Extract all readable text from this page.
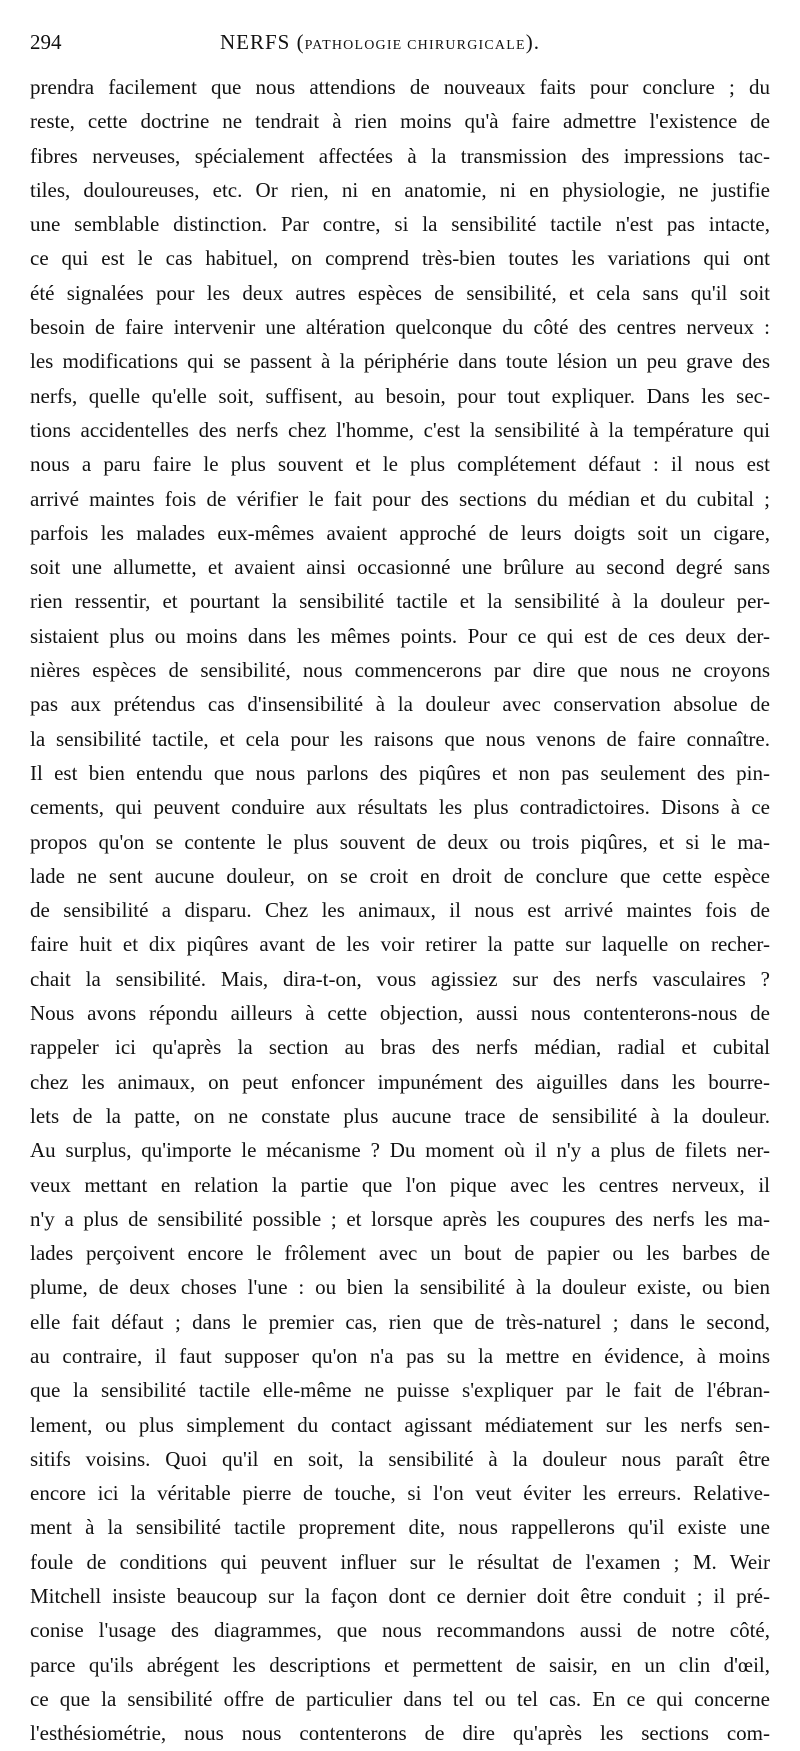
294	NERFS (PATHOLOGIE CHIRURGICALE).
prendra facilement que nous attendions de nouveaux faits pour conclure ; du
reste, cette doctrine ne tendrait à rien moins qu'à faire admettre l'existence de
fibres nerveuses, spécialement affectées à la transmission des impressions tac-
tiles, douloureuses, etc. Or rien, ni en anatomie, ni en physiologie, ne justifie
une semblable distinction. Par contre, si la sensibilité tactile n'est pas intacte,
ce qui est le cas habituel, on comprend très-bien toutes les variations qui ont
été signalées pour les deux autres espèces de sensibilité, et cela sans qu'il soit
besoin de faire intervenir une altération quelconque du côté des centres nerveux :
les modifications qui se passent à la périphérie dans toute lésion un peu grave des
nerfs, quelle qu'elle soit, suffisent, au besoin, pour tout expliquer. Dans les sec-
tions accidentelles des nerfs chez l'homme, c'est la sensibilité à la température qui
nous a paru faire le plus souvent et le plus complétement défaut : il nous est
arrivé maintes fois de vérifier le fait pour des sections du médian et du cubital ;
parfois les malades eux-mêmes avaient approché de leurs doigts soit un cigare,
soit une allumette, et avaient ainsi occasionné une brûlure au second degré sans
rien ressentir, et pourtant la sensibilité tactile et la sensibilité à la douleur per-
sistaient plus ou moins dans les mêmes points. Pour ce qui est de ces deux der-
nières espèces de sensibilité, nous commencerons par dire que nous ne croyons
pas aux prétendus cas d'insensibilité à la douleur avec conservation absolue de
la sensibilité tactile, et cela pour les raisons que nous venons de faire connaître.
Il est bien entendu que nous parlons des piqûres et non pas seulement des pin-
cements, qui peuvent conduire aux résultats les plus contradictoires. Disons à ce
propos qu'on se contente le plus souvent de deux ou trois piqûres, et si le ma-
lade ne sent aucune douleur, on se croit en droit de conclure que cette espèce
de sensibilité a disparu. Chez les animaux, il nous est arrivé maintes fois de
faire huit et dix piqûres avant de les voir retirer la patte sur laquelle on recher-
chait la sensibilité. Mais, dira-t-on, vous agissiez sur des nerfs vasculaires ?
Nous avons répondu ailleurs à cette objection, aussi nous contenterons-nous de
rappeler ici qu'après la section au bras des nerfs médian, radial et cubital
chez les animaux, on peut enfoncer impunément des aiguilles dans les bourre-
lets de la patte, on ne constate plus aucune trace de sensibilité à la douleur.
Au surplus, qu'importe le mécanisme ? Du moment où il n'y a plus de filets ner-
veux mettant en relation la partie que l'on pique avec les centres nerveux, il
n'y a plus de sensibilité possible ; et lorsque après les coupures des nerfs les ma-
lades perçoivent encore le frôlement avec un bout de papier ou les barbes de
plume, de deux choses l'une : ou bien la sensibilité à la douleur existe, ou bien
elle fait défaut ; dans le premier cas, rien que de très-naturel ; dans le second,
au contraire, il faut supposer qu'on n'a pas su la mettre en évidence, à moins
que la sensibilité tactile elle-même ne puisse s'expliquer par le fait de l'ébran-
lement, ou plus simplement du contact agissant médiatement sur les nerfs sen-
sitifs voisins. Quoi qu'il en soit, la sensibilité à la douleur nous paraît être
encore ici la véritable pierre de touche, si l'on veut éviter les erreurs. Relative-
ment à la sensibilité tactile proprement dite, nous rappellerons qu'il existe une
foule de conditions qui peuvent influer sur le résultat de l'examen ; M. Weir
Mitchell insiste beaucoup sur la façon dont ce dernier doit être conduit ; il pré-
conise l'usage des diagrammes, que nous recommandons aussi de notre côté,
parce qu'ils abrégent les descriptions et permettent de saisir, en un clin d'œil,
ce que la sensibilité offre de particulier dans tel ou tel cas. En ce qui concerne
l'esthésiométrie, nous nous contenterons de dire qu'après les sections com-
